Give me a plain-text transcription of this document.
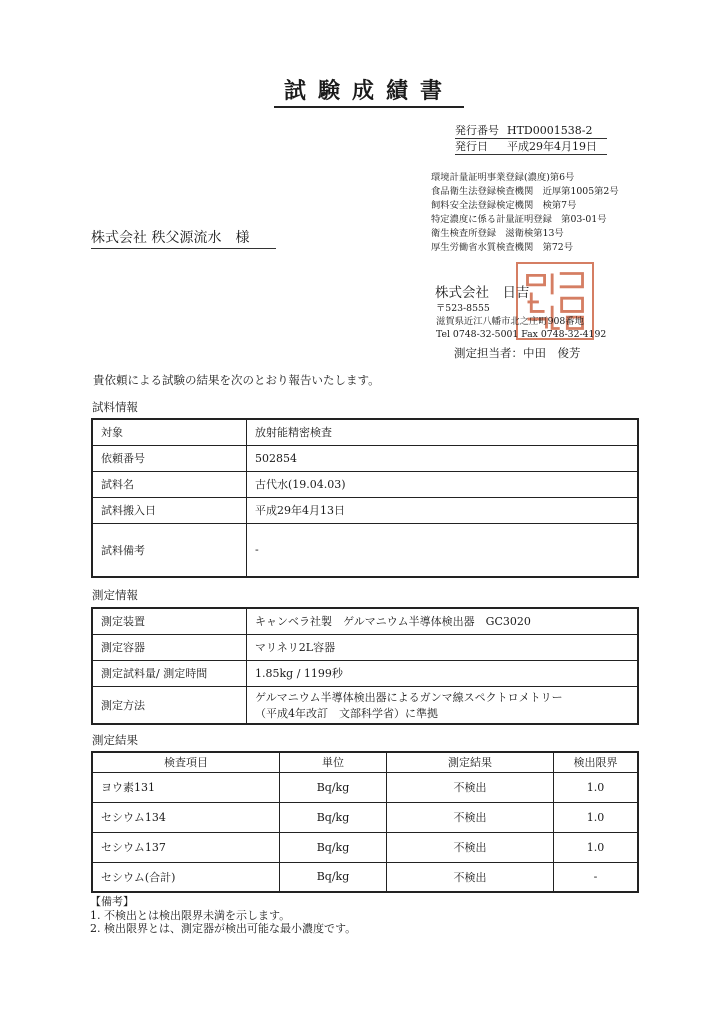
試験成績書
発行番号 HTD0001538-2
発行日 平成29年4月19日
環境計量証明事業登録(濃度)第6号
食品衛生法登録検査機関　近厚第1005第2号
飼料安全法登録検定機関　検第7号
特定濃度に係る計量証明登録　第03-01号
衛生検査所登録　滋衛検第13号
厚生労働省水質検査機関　第72号
株式会社 秩父源流水　様
株式会社　日吉
〒523-8555
滋賀県近江八幡市北之庄町908番地
Tel 0748-32-5001 Fax 0748-32-4192
測定担当者：中田　俊芳
貴依頼による試験の結果を次のとおり報告いたします。
試料情報
対象	放射能精密検査
依頼番号	502854
試料名	古代水(19.04.03)
試料搬入日	平成29年4月13日
試料備考	-
測定情報
測定装置	キャンベラ社製　ゲルマニウム半導体検出器　GC3020
測定容器	マリネリ2L容器
測定試料量/ 測定時間	1.85kg / 1199秒
測定方法	ゲルマニウム半導体検出器によるガンマ線スペクトロメトリー
（平成4年改訂　文部科学省）に準拠
測定結果
検査項目	単位	測定結果	検出限界
ヨウ素131	Bq/kg	不検出	1.0
セシウム134	Bq/kg	不検出	1.0
セシウム137	Bq/kg	不検出	1.0
セシウム(合計)	Bq/kg	不検出	-
【備考】
1. 不検出とは検出限界未満を示します。
2. 検出限界とは、測定器が検出可能な最小濃度です。
